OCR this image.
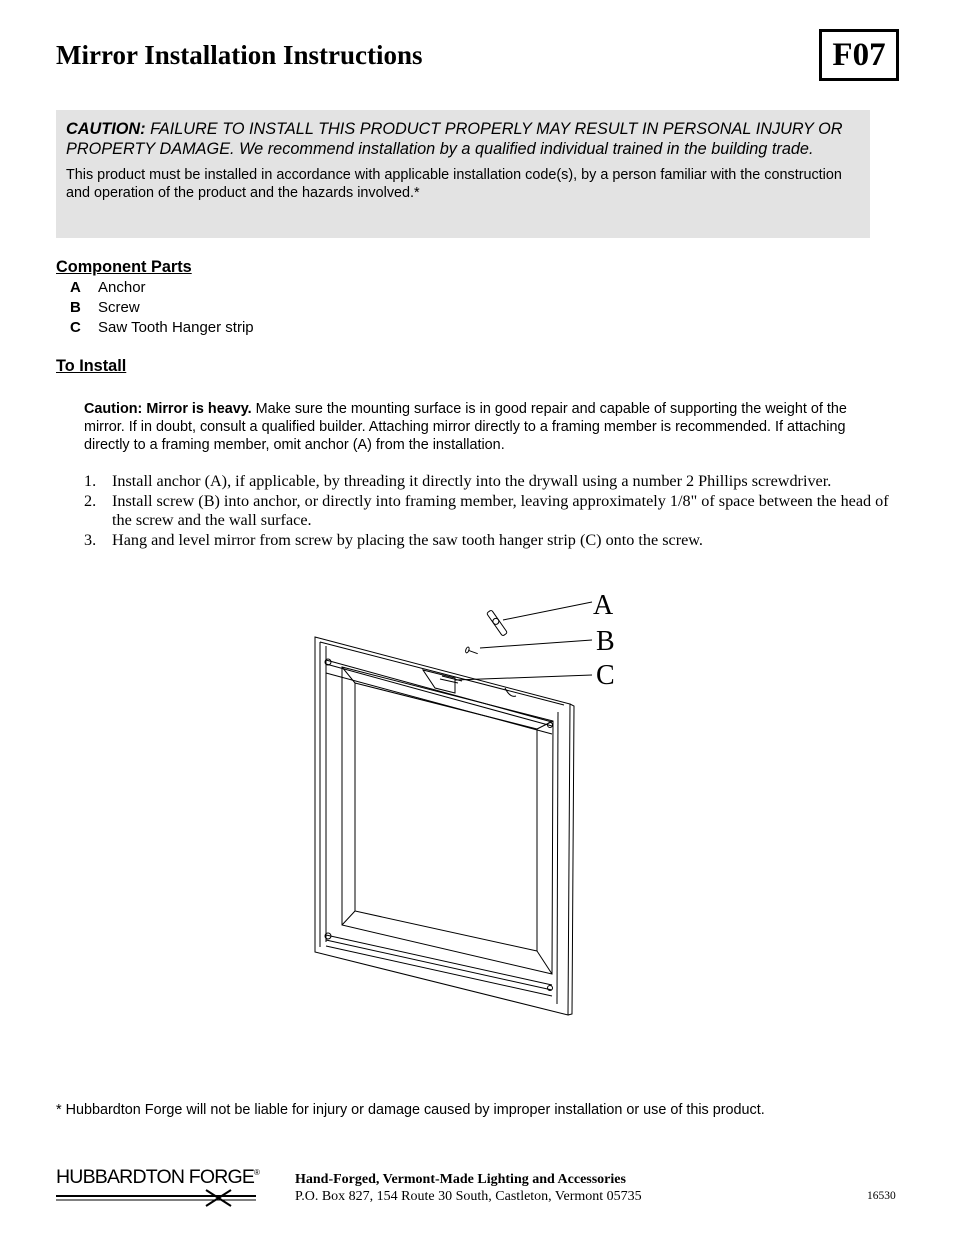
Mirror Installation Instructions	F07

CAUTION: FAILURE TO INSTALL THIS PRODUCT PROPERLY MAY RESULT IN PERSONAL INJURY OR PROPERTY DAMAGE. We recommend installation by a qualified individual trained in the building trade.

This product must be installed in accordance with applicable installation code(s), by a person familiar with the construction and operation of the product and the hazards involved.*

Component Parts
A	Anchor
B	Screw
C	Saw Tooth Hanger strip
To Install

Caution: Mirror is heavy. Make sure the mounting surface is in good repair and capable of supporting the weight of the mirror. If in doubt, consult a qualified builder. Attaching mirror directly to a framing member is recommended. If attaching directly to a framing member, omit anchor (A) from the installation.

1. Install anchor (A), if applicable, by threading it directly into the drywall using a number 2 Phillips screwdriver.
2. Install screw (B) into anchor, or directly into framing member, leaving approximately 1/8" of space between the head of the screw and the wall surface.
3. Hang and level mirror from screw by placing the saw tooth hanger strip (C) onto the screw.
A
B
C
* Hubbardton Forge will not be liable for injury or damage caused by improper installation or use of this product.
HUBBARDTON FORGE ®	Hand-Forged, Vermont-Made Lighting and Accessories
P.O. Box 827, 154 Route 30 South, Castleton, Vermont 05735	16530
